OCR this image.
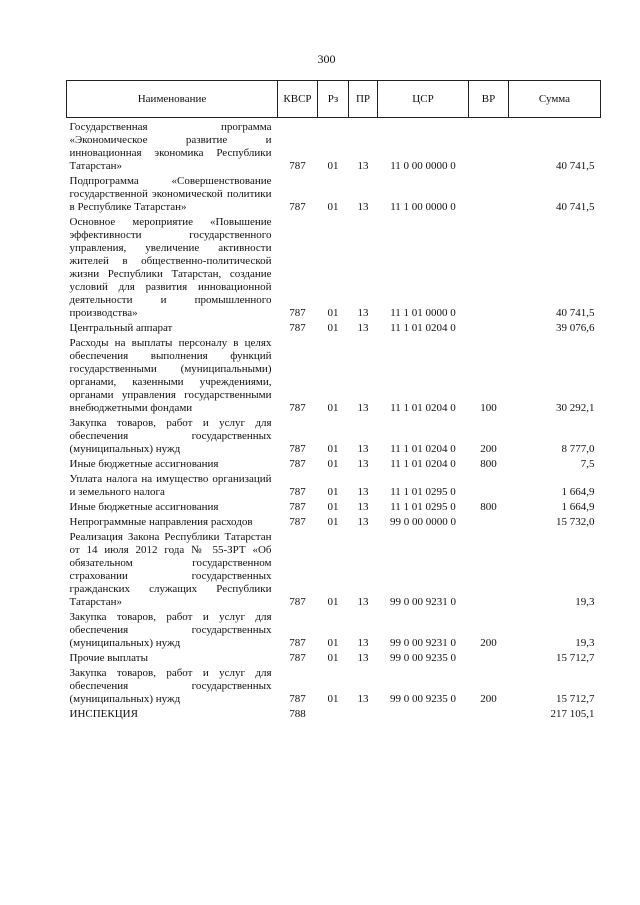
300
Наименование	КВСР	Рз	ПР	ЦСР	ВР	Сумма
Государственная программа «Экономическое развитие и инновационная экономика Республики Татарстан»	787	01	13	11 0 00 0000 0		40 741,5
Подпрограмма «Совершенствование государственной экономической политики в Республике Татарстан»	787	01	13	11 1 00 0000 0		40 741,5
Основное мероприятие «Повышение эффективности государственного управления, увеличение активности жителей в общественно-политической жизни Республики Татарстан, создание условий для развития инновационной деятельности и промышленного производства»	787	01	13	11 1 01 0000 0		40 741,5
Центральный аппарат	787	01	13	11 1 01 0204 0		39 076,6
Расходы на выплаты персоналу в целях обеспечения выполнения функций государственными (муниципальными) органами, казенными учреждениями, органами управления государственными внебюджетными фондами	787	01	13	11 1 01 0204 0	100	30 292,1
Закупка товаров, работ и услуг для обеспечения государственных (муниципальных) нужд	787	01	13	11 1 01 0204 0	200	8 777,0
Иные бюджетные ассигнования	787	01	13	11 1 01 0204 0	800	7,5
Уплата налога на имущество организаций и земельного налога	787	01	13	11 1 01 0295 0		1 664,9
Иные бюджетные ассигнования	787	01	13	11 1 01 0295 0	800	1 664,9
Непрограммные направления расходов	787	01	13	99 0 00 0000 0		15 732,0
Реализация Закона Республики Татарстан от 14 июля 2012 года № 55-ЗРТ «Об обязательном государственном страховании государственных гражданских служащих Республики Татарстан»	787	01	13	99 0 00 9231 0		19,3
Закупка товаров, работ и услуг для обеспечения государственных (муниципальных) нужд	787	01	13	99 0 00 9231 0	200	19,3
Прочие выплаты	787	01	13	99 0 00 9235 0		15 712,7
Закупка товаров, работ и услуг для обеспечения государственных (муниципальных) нужд	787	01	13	99 0 00 9235 0	200	15 712,7
ИНСПЕКЦИЯ	788					217 105,1
